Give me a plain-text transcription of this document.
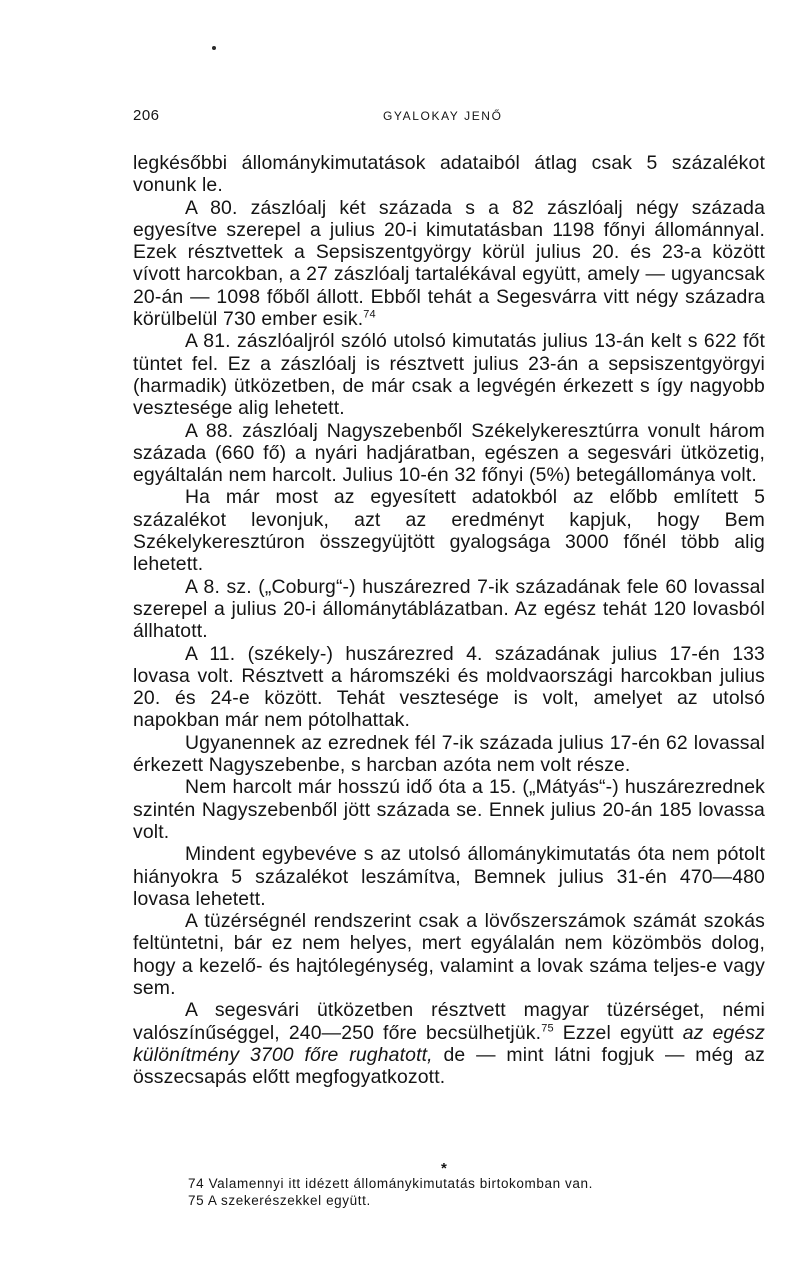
206	GYALOKAY JENŐ

legkésőbbi állománykimutatások adataiból átlag csak 5 százalékot vonunk le.

A 80. zászlóalj két százada s a 82 zászlóalj négy százada egyesítve szerepel a julius 20-i kimutatásban 1198 főnyi állománnyal. Ezek résztvettek a Sepsiszentgyörgy körül julius 20. és 23-a között vívott harcokban, a 27 zászlóalj tartalékával együtt, amely — ugyancsak 20-án — 1098 főből állott. Ebből tehát a Segesvárra vitt négy századra körülbelül 730 ember esik.$^{74}$

A 81. zászlóaljról szóló utolsó kimutatás julius 13-án kelt s 622 főt tüntet fel. Ez a zászlóalj is résztvett julius 23-án a sepsiszentgyörgyi (harmadik) ütközetben, de már csak a legvégén érkezett s így nagyobb vesztesége alig lehetett.

A 88. zászlóalj Nagyszebenből Székelykeresztúrra vonult három százada (660 fő) a nyári hadjáratban, egészen a segesvári ütközetig, egyáltalán nem harcolt. Julius 10-én 32 főnyi (5%) betegállománya volt.

Ha már most az egyesített adatokból az előbb említett 5 százalékot levonjuk, azt az eredményt kapjuk, hogy Bem Székelykeresztúron összegyüjtött gyalogsága 3000 főnél több alig lehetett.

A 8. sz. („Coburg“-) huszárezred 7-ik századának fele 60 lovassal szerepel a julius 20-i állománytáblázatban. Az egész tehát 120 lovasból állhatott.

A 11. (székely-) huszárezred 4. századának julius 17-én 133 lovasa volt. Résztvett a háromszéki és moldvaországi harcokban julius 20. és 24-e között. Tehát vesztesége is volt, amelyet az utolsó napokban már nem pótolhattak.

Ugyanennek az ezrednek fél 7-ik százada julius 17-én 62 lovassal érkezett Nagyszebenbe, s harcban azóta nem volt része.

Nem harcolt már hosszú idő óta a 15. („Mátyás“-) huszárezrednek szintén Nagyszebenből jött százada se. Ennek julius 20-án 185 lovassa volt.

Mindent egybevéve s az utolsó állománykimutatás óta nem pótolt hiányokra 5 százalékot leszámítva, Bemnek julius 31-én 470—480 lovasa lehetett.

A tüzérségnél rendszerint csak a lövőszerszámok számát szokás feltüntetni, bár ez nem helyes, mert egyálalán nem közömbös dolog, hogy a kezelő- és hajtólegénység, valamint a lovak száma teljes-e vagy sem.

A segesvári ütközetben résztvett magyar tüzérséget, némi valószínűséggel, 240—250 főre becsülhetjük.$^{75}$ Ezzel együtt az egész különítmény 3700 főre rughatott, de — mint látni fogjuk — még az összecsapás előtt megfogyatkozott.

*

74 Valamennyi itt idézett állománykimutatás birtokomban van.

75 A szekerészekkel együtt.
